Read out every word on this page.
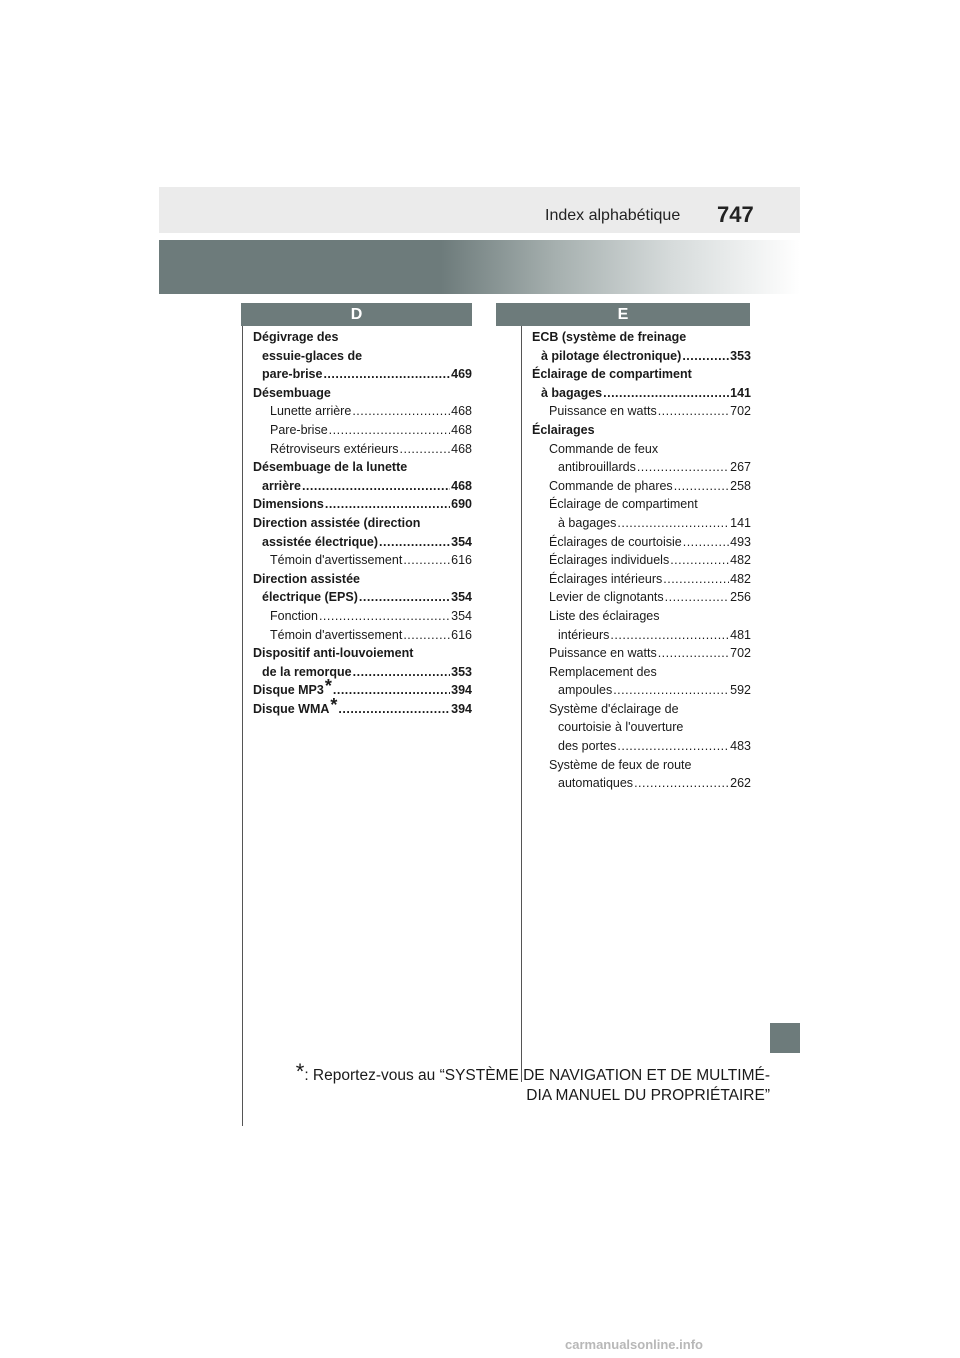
Index alphabétique 747
D	E
Dégivrage des
essuie-glaces de
pare-brise .....	469
Désembuage
Lunette arrière .....	468
Pare-brise .....	468
Rétroviseurs extérieurs .....	468
Désembuage de la lunette
arrière .....	468
Dimensions .....	690
Direction assistée (direction
assistée électrique) .....	354
Témoin d'avertissement .....	616
Direction assistée
électrique (EPS) .....	354
Fonction .....	354
Témoin d'avertissement .....	616
Dispositif anti-louvoiement
de la remorque .....	353
Disque MP3* .....	394
Disque WMA* .....	394
ECB (système de freinage
à pilotage électronique) .....	353
Éclairage de compartiment
à bagages .....	141
Puissance en watts .....	702
Éclairages
Commande de feux
antibrouillards .....	267
Commande de phares .....	258
Éclairage de compartiment
à bagages .....	141
Éclairages de courtoisie .....	493
Éclairages individuels .....	482
Éclairages intérieurs .....	482
Levier de clignotants .....	256
Liste des éclairages
intérieurs .....	481
Puissance en watts .....	702
Remplacement des
ampoules .....	592
Système d'éclairage de
courtoisie à l'ouverture
des portes .....	483
Système de feux de route
automatiques .....	262
*: Reportez-vous au “SYSTÈME DE NAVIGATION ET DE MULTIMÉ-
DIA MANUEL DU PROPRIÉTAIRE”
carmanualsonline.info
